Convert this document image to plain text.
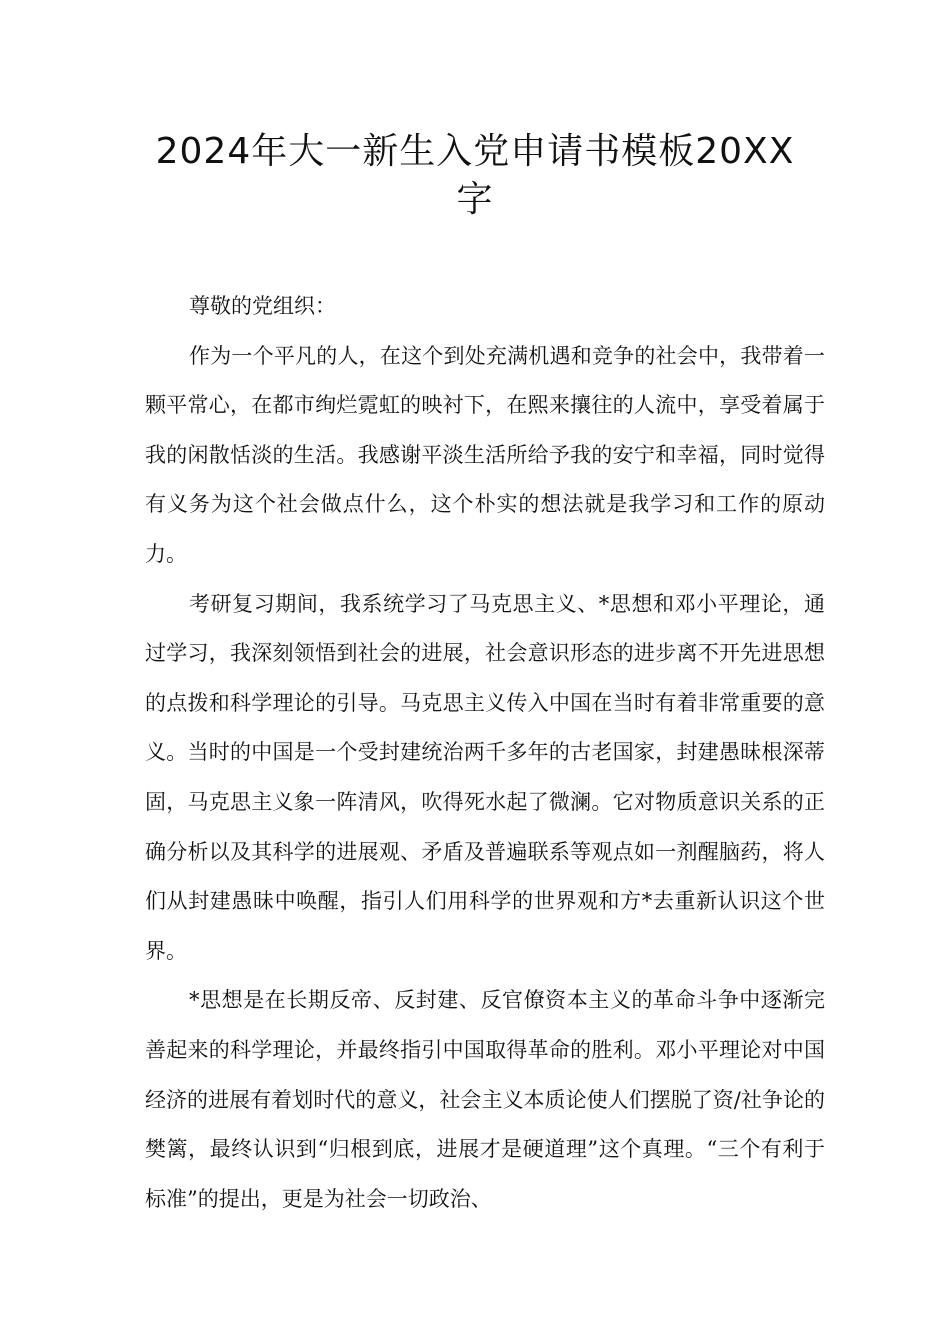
2024年大一新生入党申请书模板20XX
字

尊敬的党组织：

作为一个平凡的人，在这个到处充满机遇和竞争的社会中，我带着一颗平常心，在都市绚烂霓虹的映衬下，在熙来攘往的人流中，享受着属于我的闲散恬淡的生活。我感谢平淡生活所给予我的安宁和幸福，同时觉得有义务为这个社会做点什么，这个朴实的想法就是我学习和工作的原动力。

考研复习期间，我系统学习了马克思主义、*思想和邓小平理论，通过学习，我深刻领悟到社会的进展，社会意识形态的进步离不开先进思想的点拨和科学理论的引导。马克思主义传入中国在当时有着非常重要的意义。当时的中国是一个受封建统治两千多年的古老国家，封建愚昧根深蒂固，马克思主义象一阵清风，吹得死水起了微澜。它对物质意识关系的正确分析以及其科学的进展观、矛盾及普遍联系等观点如一剂醒脑药，将人们从封建愚昧中唤醒，指引人们用科学的世界观和方*去重新认识这个世界。

*思想是在长期反帝、反封建、反官僚资本主义的革命斗争中逐渐完善起来的科学理论，并最终指引中国取得革命的胜利。邓小平理论对中国经济的进展有着划时代的意义，社会主义本质论使人们摆脱了资/社争论的樊篱，最终认识到“归根到底，进展才是硬道理”这个真理。“三个有利于标准”的提出，更是为社会一切政治、
